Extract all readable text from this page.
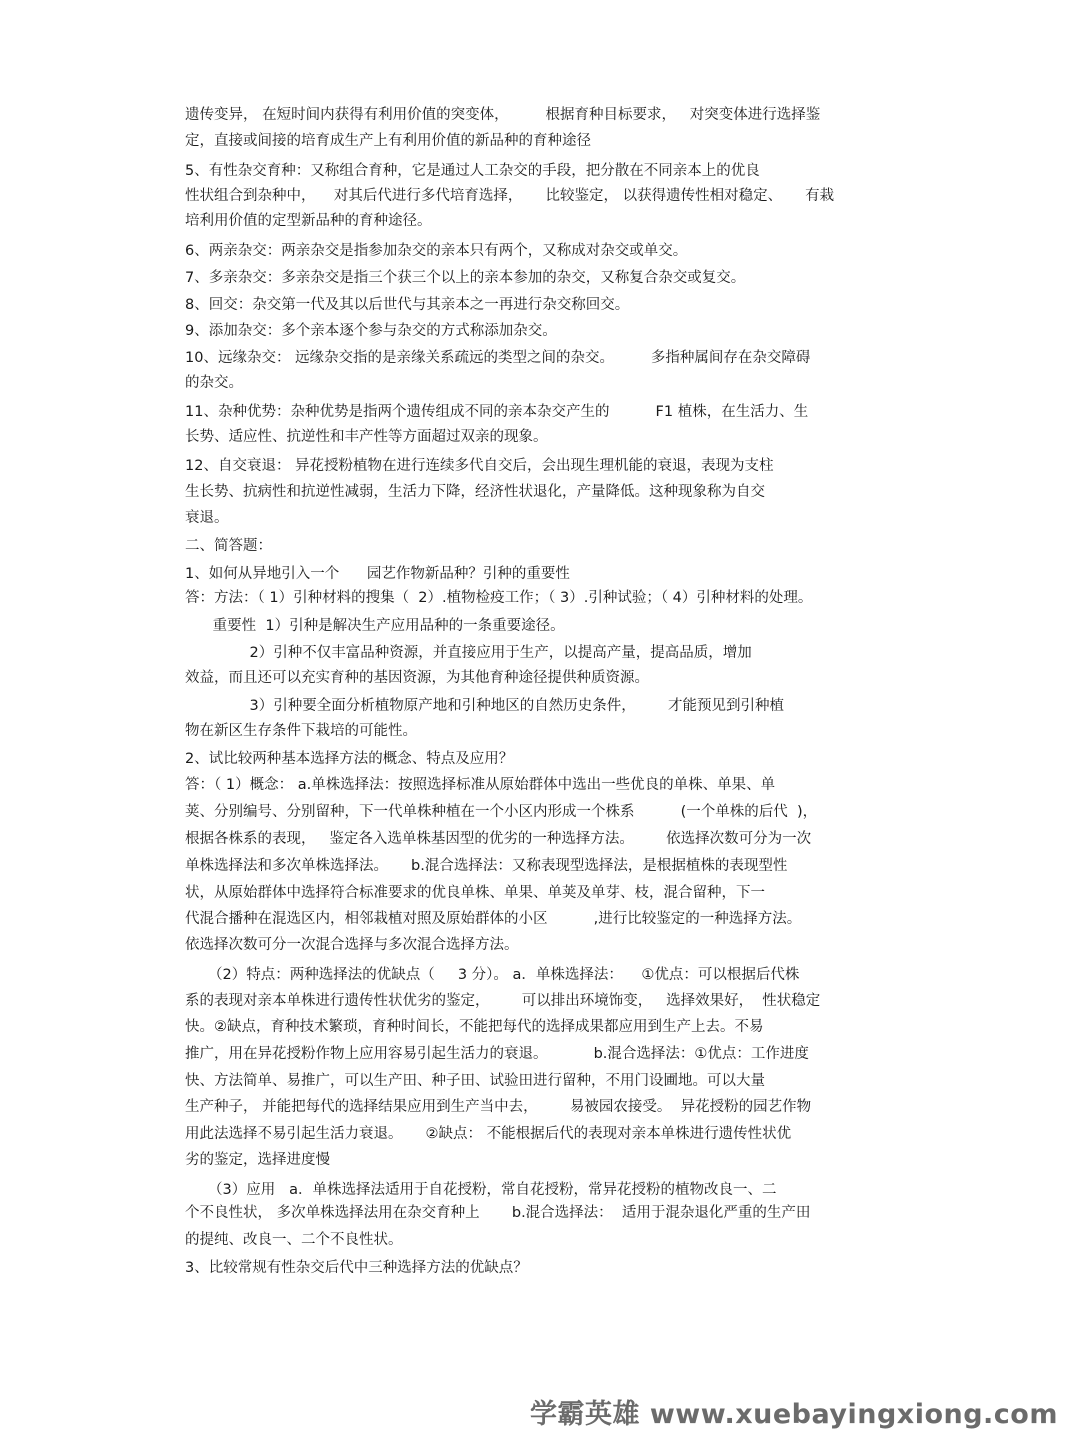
遗传变异， 在短时间内获得有利用价值的突变体，        根据育种目标要求，   对突变体进行选择鉴
定，直接或间接的培育成生产上有利用价值的新品种的育种途径
5、有性杂交育种：又称组合育种，它是通过人工杂交的手段，把分散在不同亲本上的优良
性状组合到杂种中，    对其后代进行多代培育选择，     比较鉴定， 以获得遗传性相对稳定、     有栽
培利用价值的定型新品种的育种途径。
6、两亲杂交：两亲杂交是指参加杂交的亲本只有两个，又称成对杂交或单交。
7、多亲杂交：多亲杂交是指三个获三个以上的亲本参加的杂交，又称复合杂交或复交。
8、回交：杂交第一代及其以后世代与其亲本之一再进行杂交称回交。
9、添加杂交：多个亲本逐个参与杂交的方式称添加杂交。
10、远缘杂交： 远缘杂交指的是亲缘关系疏远的类型之间的杂交。        多指种属间存在杂交障碍
的杂交。
11、杂种优势：杂种优势是指两个遗传组成不同的亲本杂交产生的          F1 植株，在生活力、生
长势、适应性、抗逆性和丰产性等方面超过双亲的现象。
12、自交衰退： 异花授粉植物在进行连续多代自交后，会出现生理机能的衰退，表现为支柱
生长势、抗病性和抗逆性减弱，生活力下降，经济性状退化，产量降低。这种现象称为自交
衰退。
二、简答题：
1、如何从异地引入一个      园艺作物新品种？引种的重要性
答：方法：（ 1）引种材料的搜集（  2）.植物检疫工作；（ 3）.引种试验；（ 4）引种材料的处理。
重要性  1）引种是解决生产应用品种的一条重要途径。
2）引种不仅丰富品种资源，并直接应用于生产，以提高产量，提高品质，增加
效益，而且还可以充实育种的基因资源，为其他育种途径提供种质资源。
3）引种要全面分析植物原产地和引种地区的自然历史条件，       才能预见到引种植
物在新区生存条件下栽培的可能性。
2、试比较两种基本选择方法的概念、特点及应用？
答：（ 1）概念： a.单株选择法：按照选择标准从原始群体中选出一些优良的单株、单果、单
荚、分别编号、分别留种，下一代单株种植在一个小区内形成一个株系          (一个单株的后代  )，
根据各株系的表现，   鉴定各入选单株基因型的优劣的一种选择方法。       依选择次数可分为一次
单株选择法和多次单株选择法。     b.混合选择法：又称表现型选择法，是根据植株的表现型性
状，从原始群体中选择符合标准要求的优良单株、单果、单荚及单芽、枝，混合留种，下一
代混合播种在混选区内，相邻栽植对照及原始群体的小区          ,进行比较鉴定的一种选择方法。
依选择次数可分一次混合选择与多次混合选择方法。
（2）特点：两种选择法的优缺点（     3 分）。 a．单株选择法：    ①优点：可以根据后代株
系的表现对亲本单株进行遗传性状优劣的鉴定，       可以排出环境饰变，   选择效果好，  性状稳定
快。②缺点，育种技术繁琐，育种时间长，不能把每代的选择成果都应用到生产上去。不易
推广，用在异花授粉作物上应用容易引起生活力的衰退。          b.混合选择法：①优点：工作进度
快、方法简单、易推广，可以生产田、种子田、试验田进行留种，不用门设圃地。可以大量
生产种子， 并能把每代的选择结果应用到生产当中去，       易被园农接受。  异花授粉的园艺作物
用此法选择不易引起生活力衰退。     ②缺点： 不能根据后代的表现对亲本单株进行遗传性状优
劣的鉴定，选择进度慢
（3）应用   a．单株选择法适用于自花授粉，常自花授粉，常异花授粉的植物改良一、二
个不良性状， 多次单株选择法用在杂交育种上       b.混合选择法：  适用于混杂退化严重的生产田
的提纯、改良一、二个不良性状。
3、比较常规有性杂交后代中三种选择方法的优缺点？
学霸英雄 www.xuebayingxiong.com
